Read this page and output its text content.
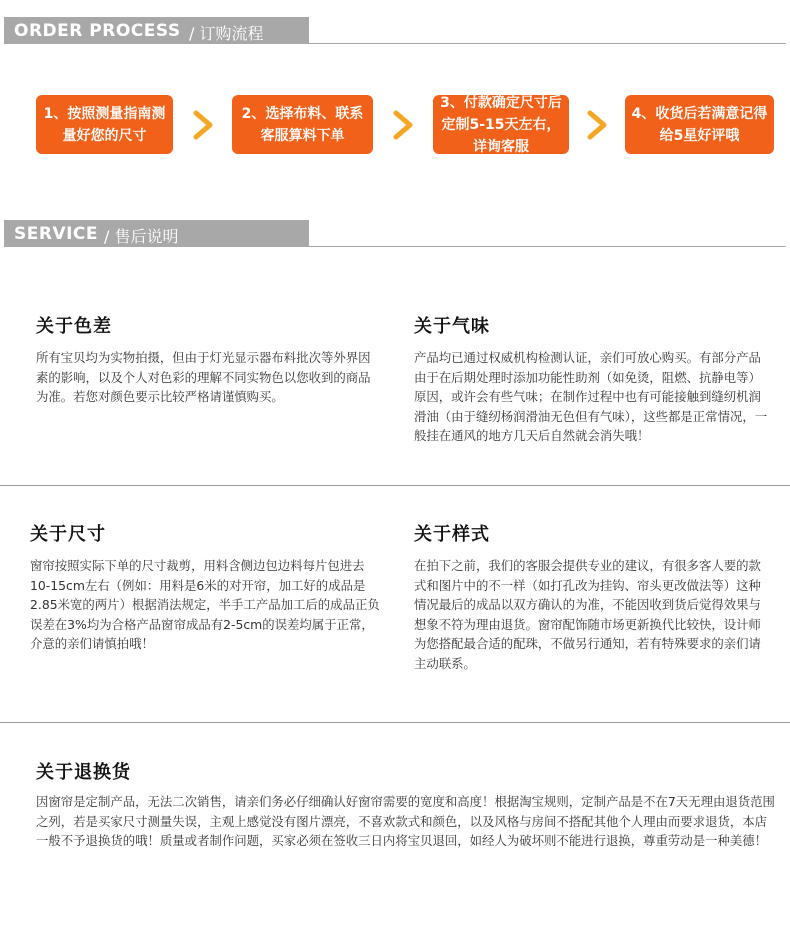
ORDER PROCESS / 订购流程
1、按照测量指南测量好您的尺寸
2、选择布料、联系客服算料下单
3、付款确定尺寸后定制5-15天左右，详询客服
4、收货后若满意记得给5星好评哦
SERVICE / 售后说明
关于色差

所有宝贝均为实物拍摄，但由于灯光显示器布料批次等外界因素的影响，以及个人对色彩的理解不同实物色以您收到的商品为准。若您对颜色要示比较严格请谨慎购买。

关于气味

产品均已通过权威机构检测认证，亲们可放心购买。有部分产品由于在后期处理时添加功能性助剂（如免烫，阻燃、抗静电等）原因，或许会有些气味；在制作过程中也有可能接触到缝纫机润滑油（由于缝纫杨润滑油无色但有气味），这些都是正常情况，一般挂在通风的地方几天后自然就会消失哦！

关于尺寸

窗帘按照实际下单的尺寸裁剪，用料含侧边包边料每片包进去10-15cm左右（例如：用料是6米的对开帘，加工好的成品是2.85米宽的两片）根据消法规定，半手工产品加工后的成品正负误差在3%均为合格产品窗帘成品有2-5cm的误差均属于正常，介意的亲们请慎拍哦！

关于样式

在拍下之前，我们的客服会提供专业的建议，有很多客人要的款式和图片中的不一样（如打孔改为挂钩、帘头更改做法等）这种情况最后的成品以双方确认的为准，不能因收到货后觉得效果与想象不符为理由退货。窗帘配饰随市场更新换代比较快，设计师为您搭配最合适的配珠，不做另行通知，若有特殊要求的亲们请主动联系。

关于退换货

因窗帘是定制产品，无法二次销售，请亲们务必仔细确认好窗帘需要的宽度和高度！根据淘宝规则，定制产品是不在7天无理由退货范围之列，若是买家尺寸测量失误，主观上感觉没有图片漂亮，不喜欢款式和颜色，以及风格与房间不搭配其他个人理由而要求退货，本店一般不予退换货的哦！质量或者制作问题，买家必须在签收三日内将宝贝退回，如经人为破坏则不能进行退换，尊重劳动是一种美德！
